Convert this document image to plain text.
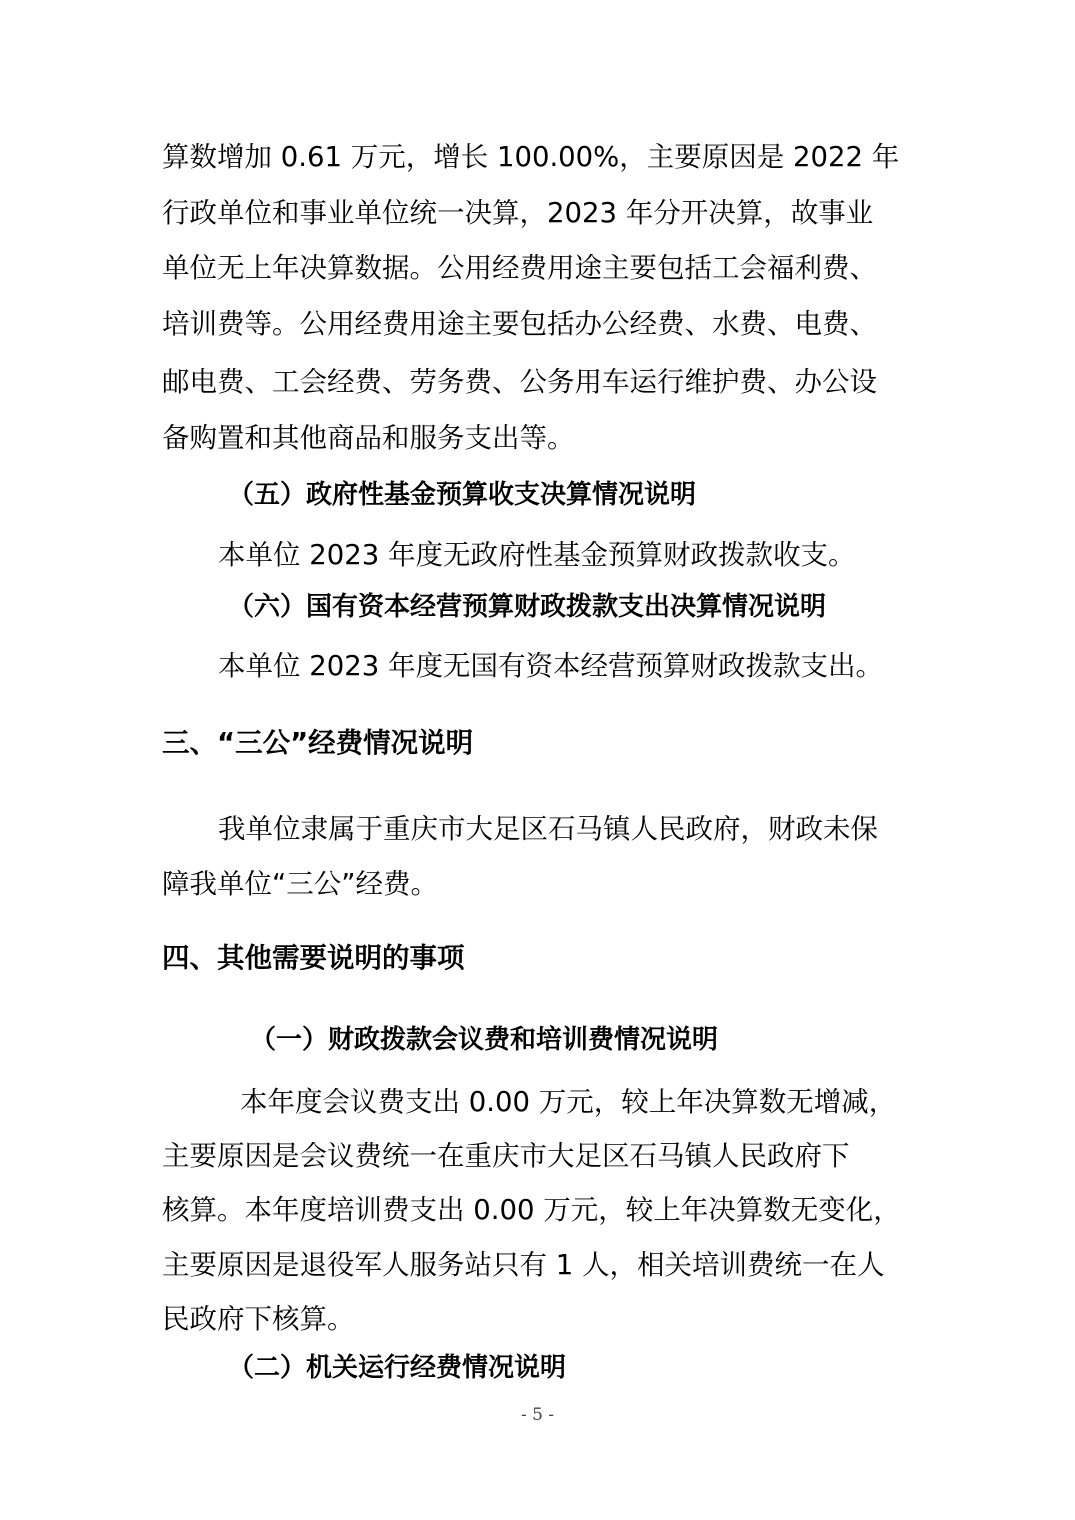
算数增加 0.61 万元，增长 100.00%，主要原因是 2022 年
行政单位和事业单位统一决算，2023 年分开决算，故事业
单位无上年决算数据。公用经费用途主要包括工会福利费、
培训费等。公用经费用途主要包括办公经费、水费、电费、
邮电费、工会经费、劳务费、公务用车运行维护费、办公设
备购置和其他商品和服务支出等。
（五）政府性基金预算收支决算情况说明
本单位 2023 年度无政府性基金预算财政拨款收支。
（六）国有资本经营预算财政拨款支出决算情况说明
本单位 2023 年度无国有资本经营预算财政拨款支出。
三、“三公”经费情况说明
我单位隶属于重庆市大足区石马镇人民政府，财政未保
障我单位“三公”经费。
四、其他需要说明的事项
（一）财政拨款会议费和培训费情况说明
本年度会议费支出 0.00 万元，较上年决算数无增减，
主要原因是会议费统一在重庆市大足区石马镇人民政府下
核算。本年度培训费支出 0.00 万元，较上年决算数无变化，
主要原因是退役军人服务站只有 1 人，相关培训费统一在人
民政府下核算。
（二）机关运行经费情况说明
- 5 -
